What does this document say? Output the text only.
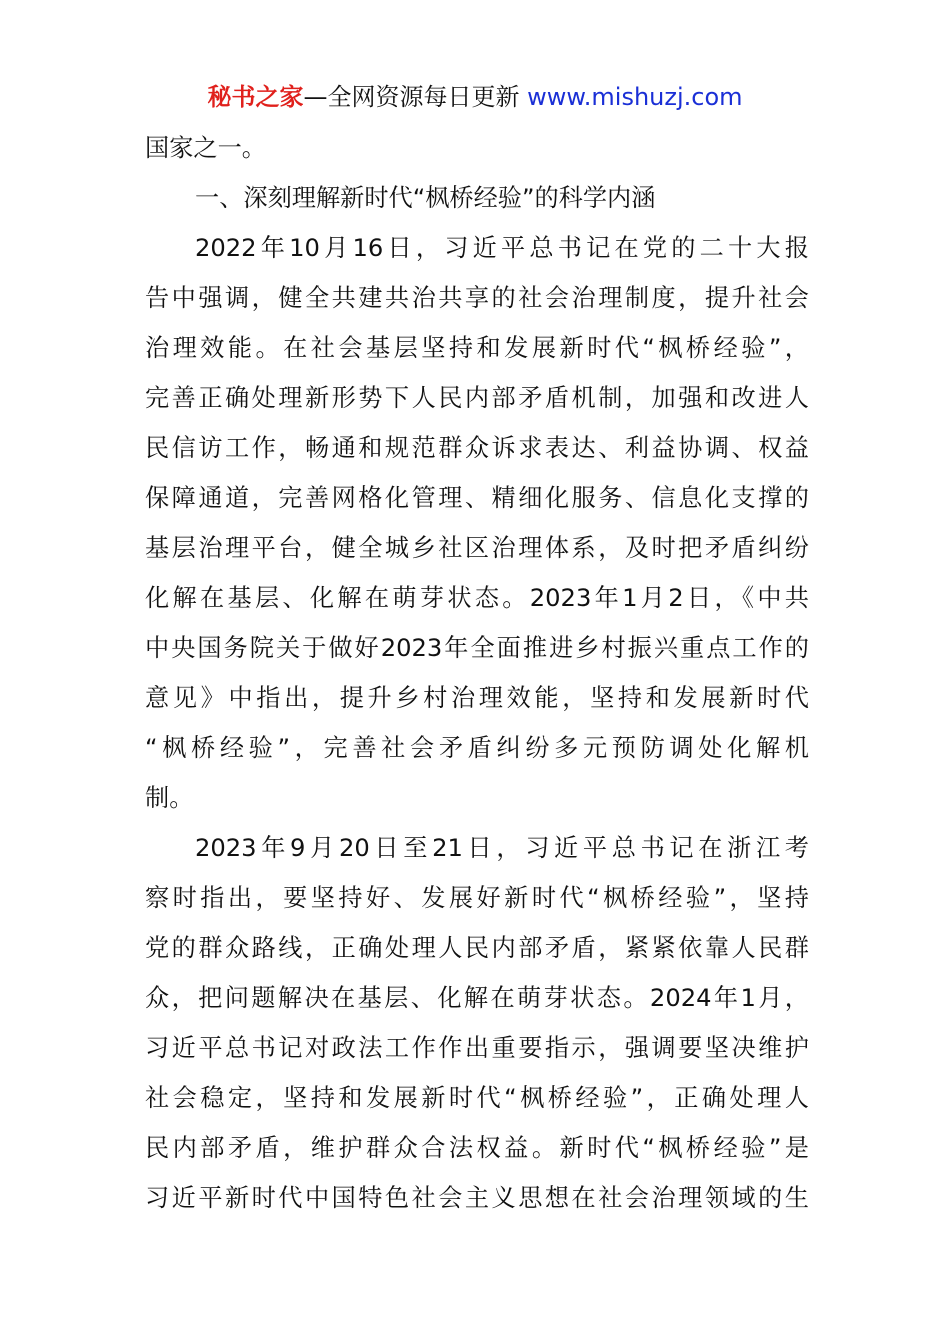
秘书之家—全网资源每日更新 www.mishuzj.com
国家之一。
一、深刻理解新时代“枫桥经验”的科学内涵
2022年10月16日，习近平总书记在党的二十大报
告中强调，健全共建共治共享的社会治理制度，提升社会
治理效能。在社会基层坚持和发展新时代“枫桥经验”，
完善正确处理新形势下人民内部矛盾机制，加强和改进人
民信访工作，畅通和规范群众诉求表达、利益协调、权益
保障通道，完善网格化管理、精细化服务、信息化支撑的
基层治理平台，健全城乡社区治理体系，及时把矛盾纠纷
化解在基层、化解在萌芽状态。2023年1月2日，《中共
中央国务院关于做好2023年全面推进乡村振兴重点工作的
意见》中指出，提升乡村治理效能，坚持和发展新时代
“枫桥经验”，完善社会矛盾纠纷多元预防调处化解机
制。
2023年9月20日至21日，习近平总书记在浙江考
察时指出，要坚持好、发展好新时代“枫桥经验”，坚持
党的群众路线，正确处理人民内部矛盾，紧紧依靠人民群
众，把问题解决在基层、化解在萌芽状态。2024年1月，
习近平总书记对政法工作作出重要指示，强调要坚决维护
社会稳定，坚持和发展新时代“枫桥经验”，正确处理人
民内部矛盾，维护群众合法权益。新时代“枫桥经验”是
习近平新时代中国特色社会主义思想在社会治理领域的生
